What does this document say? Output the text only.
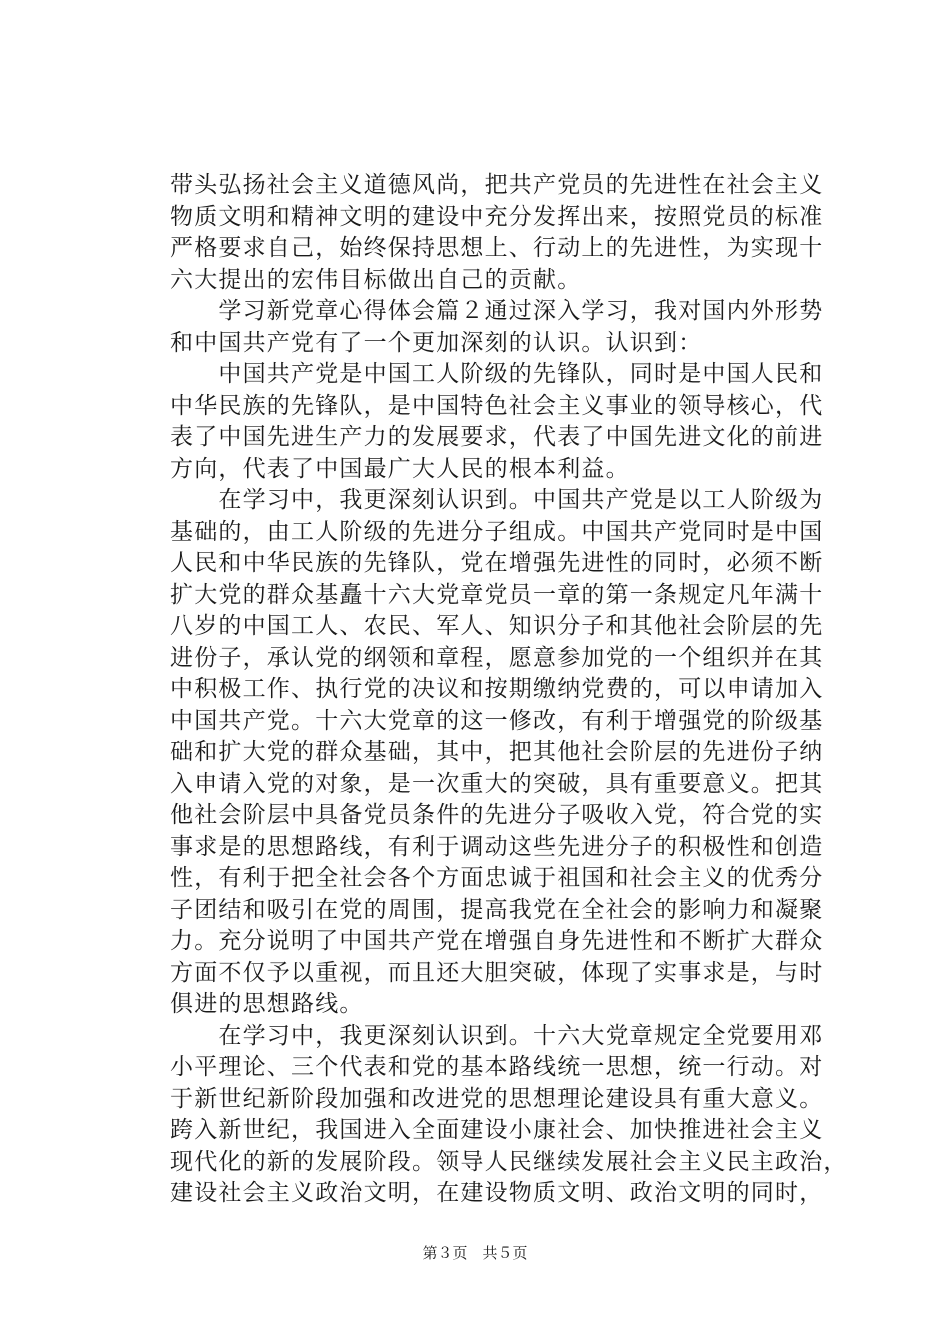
带头弘扬社会主义道德风尚，把共产党员的先进性在社会主义
物质文明和精神文明的建设中充分发挥出来，按照党员的标准
严格要求自己，始终保持思想上、行动上的先进性，为实现十
六大提出的宏伟目标做出自己的贡献。
　　学习新党章心得体会篇２通过深入学习，我对国内外形势
和中国共产党有了一个更加深刻的认识。认识到：
　　中国共产党是中国工人阶级的先锋队，同时是中国人民和
中华民族的先锋队，是中国特色社会主义事业的领导核心，代
表了中国先进生产力的发展要求，代表了中国先进文化的前进
方向，代表了中国最广大人民的根本利益。
　　在学习中，我更深刻认识到。中国共产党是以工人阶级为
基础的，由工人阶级的先进分子组成。中国共产党同时是中国
人民和中华民族的先锋队，党在增强先进性的同时，必须不断
扩大党的群众基矗十六大党章党员一章的第一条规定凡年满十
八岁的中国工人、农民、军人、知识分子和其他社会阶层的先
进份子，承认党的纲领和章程，愿意参加党的一个组织并在其
中积极工作、执行党的决议和按期缴纳党费的，可以申请加入
中国共产党。十六大党章的这一修改，有利于增强党的阶级基
础和扩大党的群众基础，其中，把其他社会阶层的先进份子纳
入申请入党的对象，是一次重大的突破，具有重要意义。把其
他社会阶层中具备党员条件的先进分子吸收入党，符合党的实
事求是的思想路线，有利于调动这些先进分子的积极性和创造
性，有利于把全社会各个方面忠诚于祖国和社会主义的优秀分
子团结和吸引在党的周围，提高我党在全社会的影响力和凝聚
力。充分说明了中国共产党在增强自身先进性和不断扩大群众
方面不仅予以重视，而且还大胆突破，体现了实事求是，与时
俱进的思想路线。
　　在学习中，我更深刻认识到。十六大党章规定全党要用邓
小平理论、三个代表和党的基本路线统一思想，统一行动。对
于新世纪新阶段加强和改进党的思想理论建设具有重大意义。
跨入新世纪，我国进入全面建设小康社会、加快推进社会主义
现代化的新的发展阶段。领导人民继续发展社会主义民主政治，
建设社会主义政治文明，在建设物质文明、政治文明的同时，
第３页　共５页
